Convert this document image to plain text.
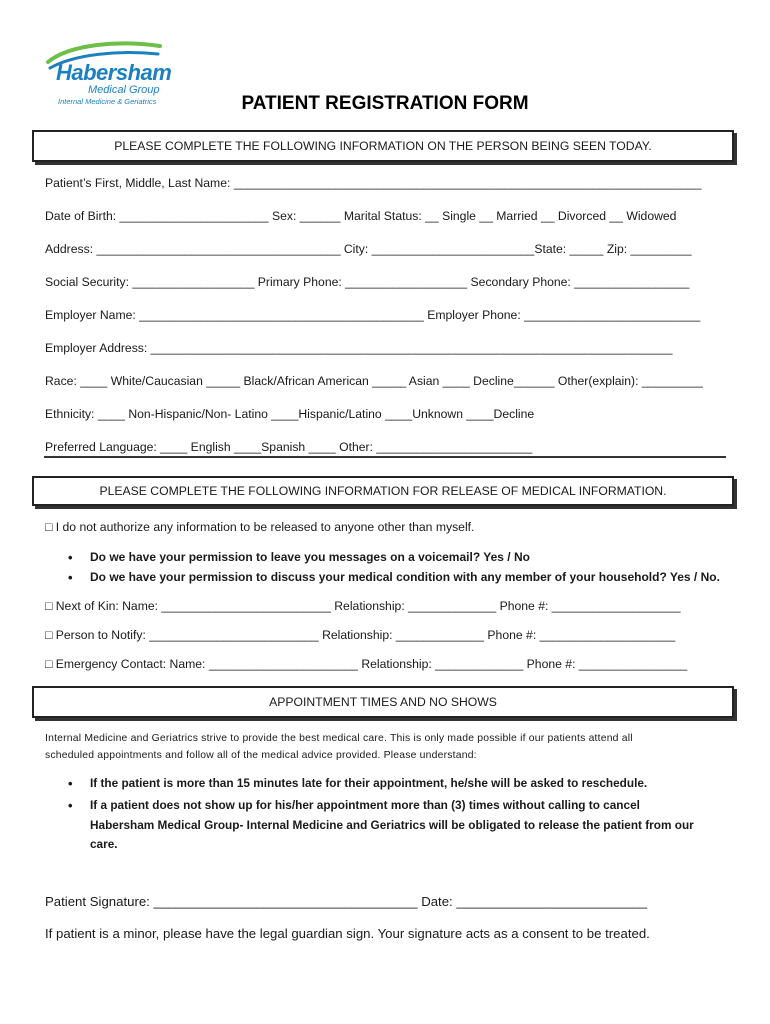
Habersham
Medical Group
Internal Medicine & Geriatrics	PATIENT REGISTRATION FORM
PLEASE COMPLETE THE FOLLOWING INFORMATION ON THE PERSON BEING SEEN TODAY.
Patient’s First, Middle, Last Name: _____________________________________________________________________
Date of Birth: ______________________ Sex: ______ Marital Status: __ Single __ Married __ Divorced __ Widowed
Address: ____________________________________ City: ________________________State: _____ Zip: _________
Social Security: __________________ Primary Phone: __________________ Secondary Phone: _________________
Employer Name: __________________________________________ Employer Phone: __________________________
Employer Address: _____________________________________________________________________________
Race: ____ White/Caucasian _____ Black/African American _____ Asian ____ Decline______ Other(explain): _________
Ethnicity: ____ Non-Hispanic/Non- Latino ____Hispanic/Latino ____Unknown ____Decline
Preferred Language: ____ English ____Spanish ____ Other: _______________________
PLEASE COMPLETE THE FOLLOWING INFORMATION FOR RELEASE OF MEDICAL INFORMATION.
□ I do not authorize any information to be released to anyone other than myself.
• Do we have your permission to leave you messages on a voicemail? Yes / No
• Do we have your permission to discuss your medical condition with any member of your household? Yes / No.
□ Next of Kin: Name: _________________________ Relationship: _____________ Phone #: ___________________
□ Person to Notify: _________________________ Relationship: _____________ Phone #: ____________________
□ Emergency Contact: Name: ______________________ Relationship: _____________ Phone #: ________________
APPOINTMENT TIMES AND NO SHOWS
Internal Medicine and Geriatrics strive to provide the best medical care. This is only made possible if our patients attend all
scheduled appointments and follow all of the medical advice provided. Please understand:
• If the patient is more than 15 minutes late for their appointment, he/she will be asked to reschedule.
• If a patient does not show up for his/her appointment more than (3) times without calling to cancel
Habersham Medical Group- Internal Medicine and Geriatrics will be obligated to release the patient from our
care.
Patient Signature: ____________________________________ Date: __________________________
If patient is a minor, please have the legal guardian sign. Your signature acts as a consent to be treated.
